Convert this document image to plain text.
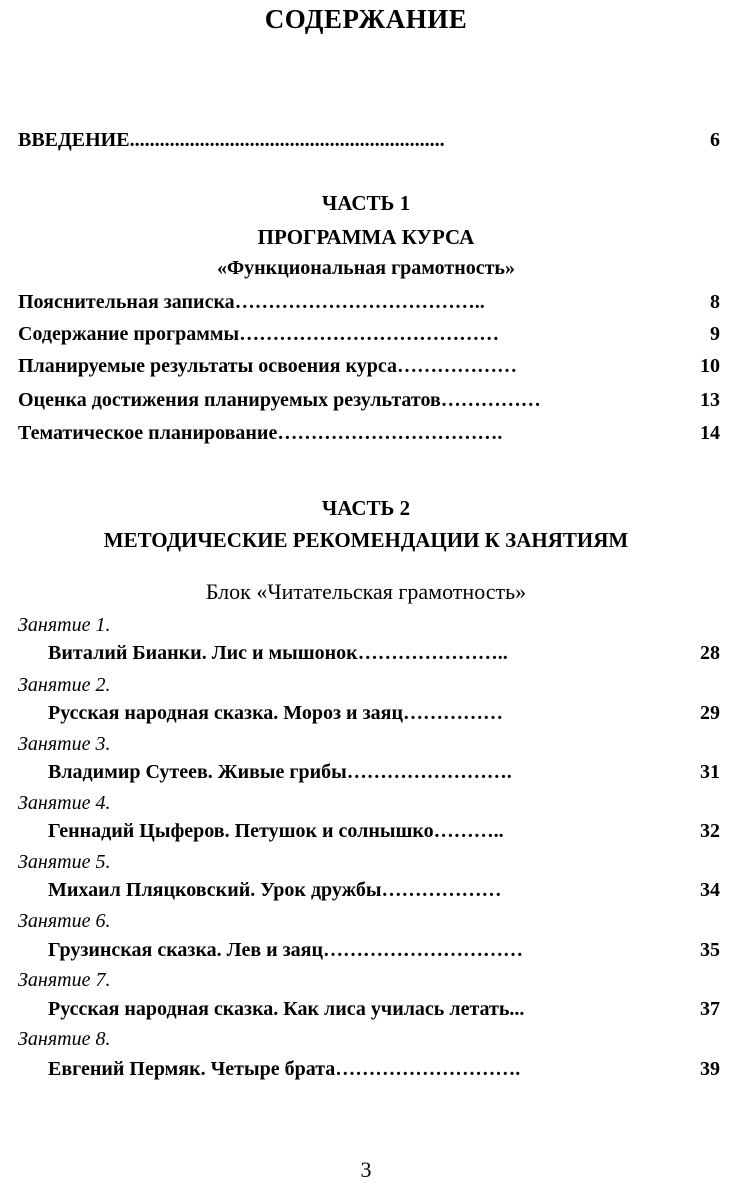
СОДЕРЖАНИЕ
ВВЕДЕНИЕ...............................................................	6
ЧАСТЬ 1
ПРОГРАММА КУРСА
«Функциональная грамотность»
Пояснительная записка………………………………..	8
Содержание программы…………………………………	9
Планируемые результаты освоения курса………………	10
Оценка достижения планируемых результатов……………	13
Тематическое планирование…………………………….	14
ЧАСТЬ 2
МЕТОДИЧЕСКИЕ РЕКОМЕНДАЦИИ К ЗАНЯТИЯМ
Блок «Читательская грамотность»
Занятие 1.
Виталий Бианки. Лис и мышонок…………………..	28
Занятие 2.
Русская народная сказка. Мороз и заяц……………	29
Занятие 3.
Владимир Сутеев. Живые грибы…………………….	31
Занятие 4.
Геннадий Цыферов. Петушок и солнышко………..	32
Занятие 5.
Михаил Пляцковский. Урок дружбы………………	34
Занятие 6.
Грузинская сказка. Лев и заяц…………………………	35
Занятие 7.
Русская народная сказка. Как лиса училась летать...	37
Занятие 8.
Евгений Пермяк. Четыре брата……………………….	39
3
